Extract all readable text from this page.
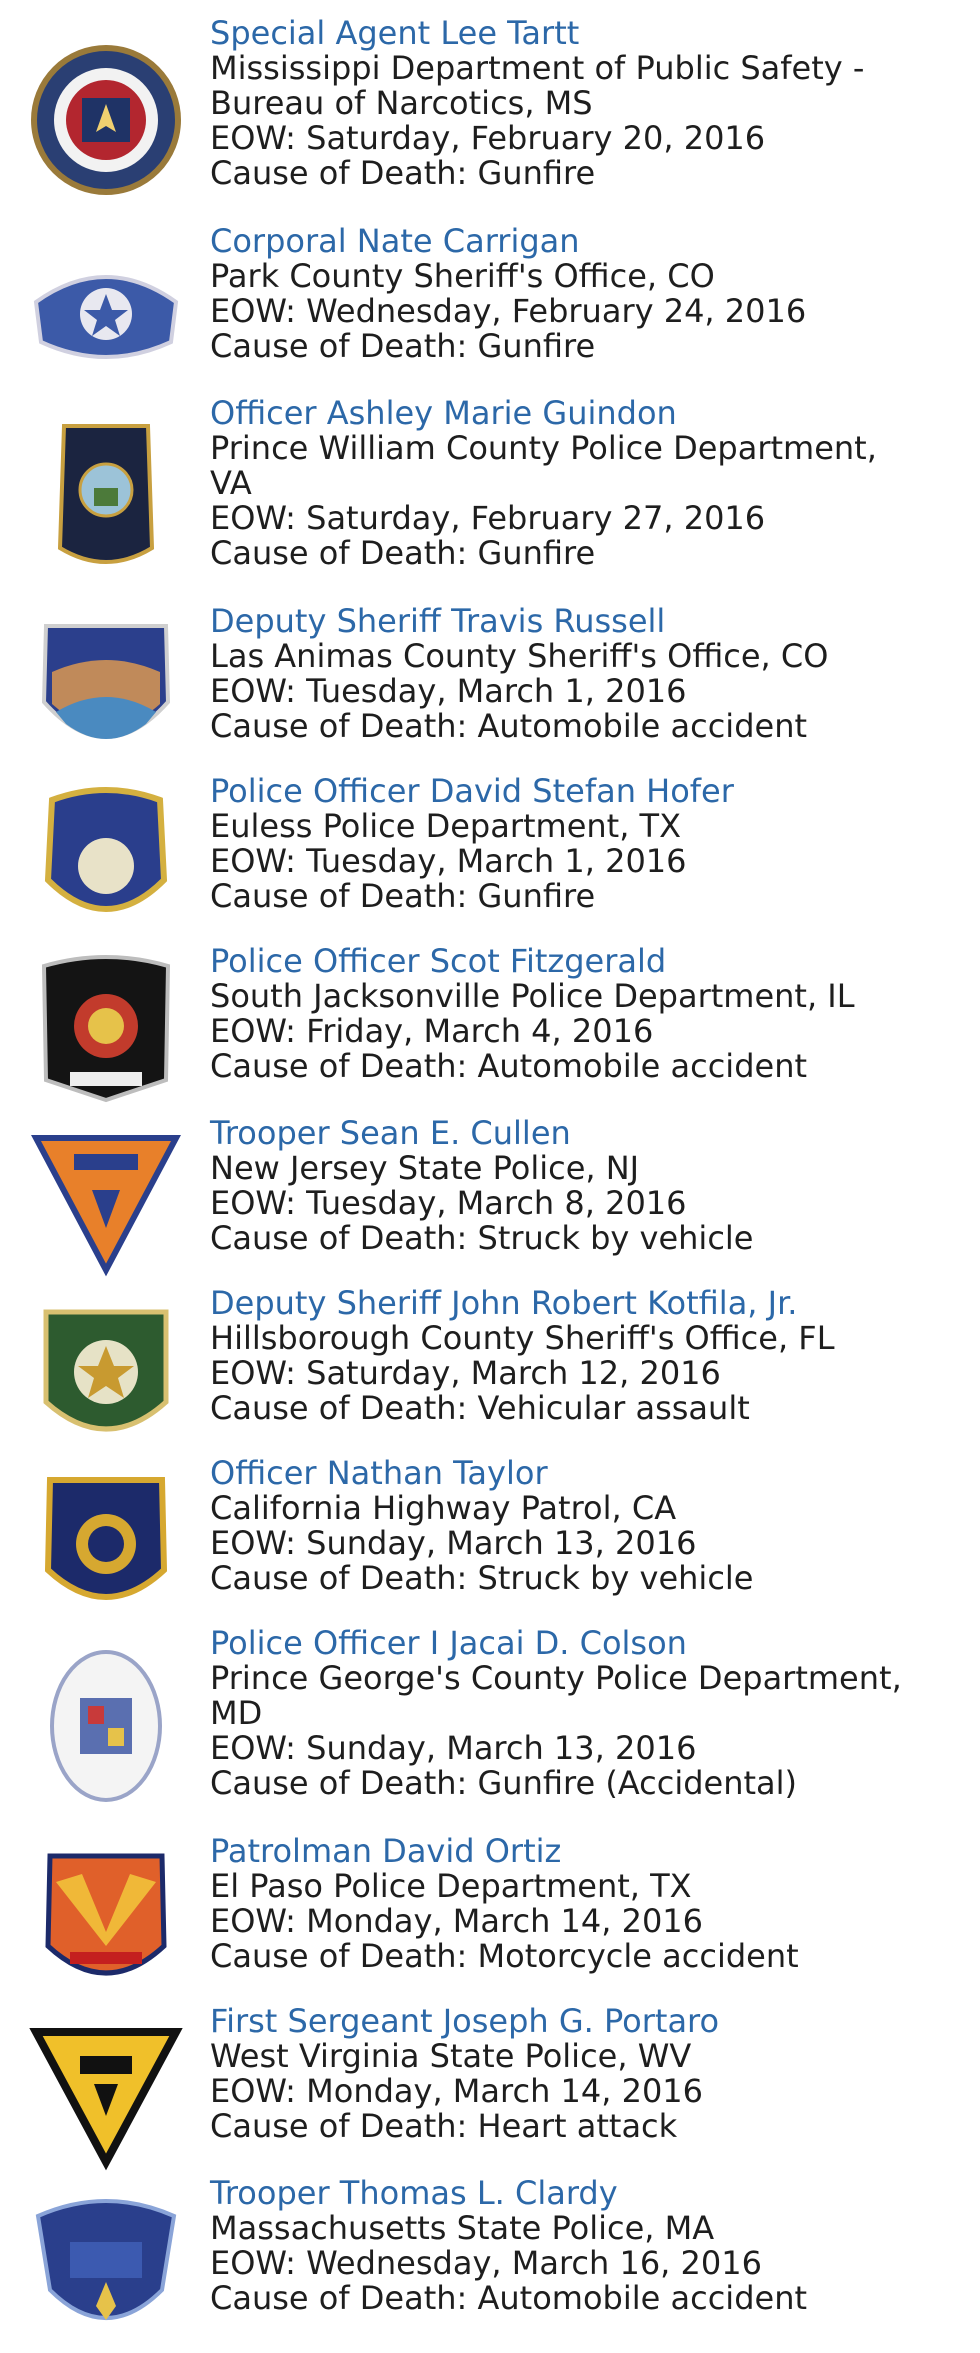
Special Agent Lee Tartt
Mississippi Department of Public Safety -
Bureau of Narcotics, MS
EOW: Saturday, February 20, 2016
Cause of Death: Gunfire
Corporal Nate Carrigan
Park County Sheriff's Office, CO
EOW: Wednesday, February 24, 2016
Cause of Death: Gunfire
Officer Ashley Marie Guindon
Prince William County Police Department,
VA
EOW: Saturday, February 27, 2016
Cause of Death: Gunfire
Deputy Sheriff Travis Russell
Las Animas County Sheriff's Office, CO
EOW: Tuesday, March 1, 2016
Cause of Death: Automobile accident
Police Officer David Stefan Hofer
Euless Police Department, TX
EOW: Tuesday, March 1, 2016
Cause of Death: Gunfire
Police Officer Scot Fitzgerald
South Jacksonville Police Department, IL
EOW: Friday, March 4, 2016
Cause of Death: Automobile accident
Trooper Sean E. Cullen
New Jersey State Police, NJ
EOW: Tuesday, March 8, 2016
Cause of Death: Struck by vehicle
Deputy Sheriff John Robert Kotfila, Jr.
Hillsborough County Sheriff's Office, FL
EOW: Saturday, March 12, 2016
Cause of Death: Vehicular assault
Officer Nathan Taylor
California Highway Patrol, CA
EOW: Sunday, March 13, 2016
Cause of Death: Struck by vehicle
Police Officer I Jacai D. Colson
Prince George's County Police Department,
MD
EOW: Sunday, March 13, 2016
Cause of Death: Gunfire (Accidental)
Patrolman David Ortiz
El Paso Police Department, TX
EOW: Monday, March 14, 2016
Cause of Death: Motorcycle accident
First Sergeant Joseph G. Portaro
West Virginia State Police, WV
EOW: Monday, March 14, 2016
Cause of Death: Heart attack
Trooper Thomas L. Clardy
Massachusetts State Police, MA
EOW: Wednesday, March 16, 2016
Cause of Death: Automobile accident
